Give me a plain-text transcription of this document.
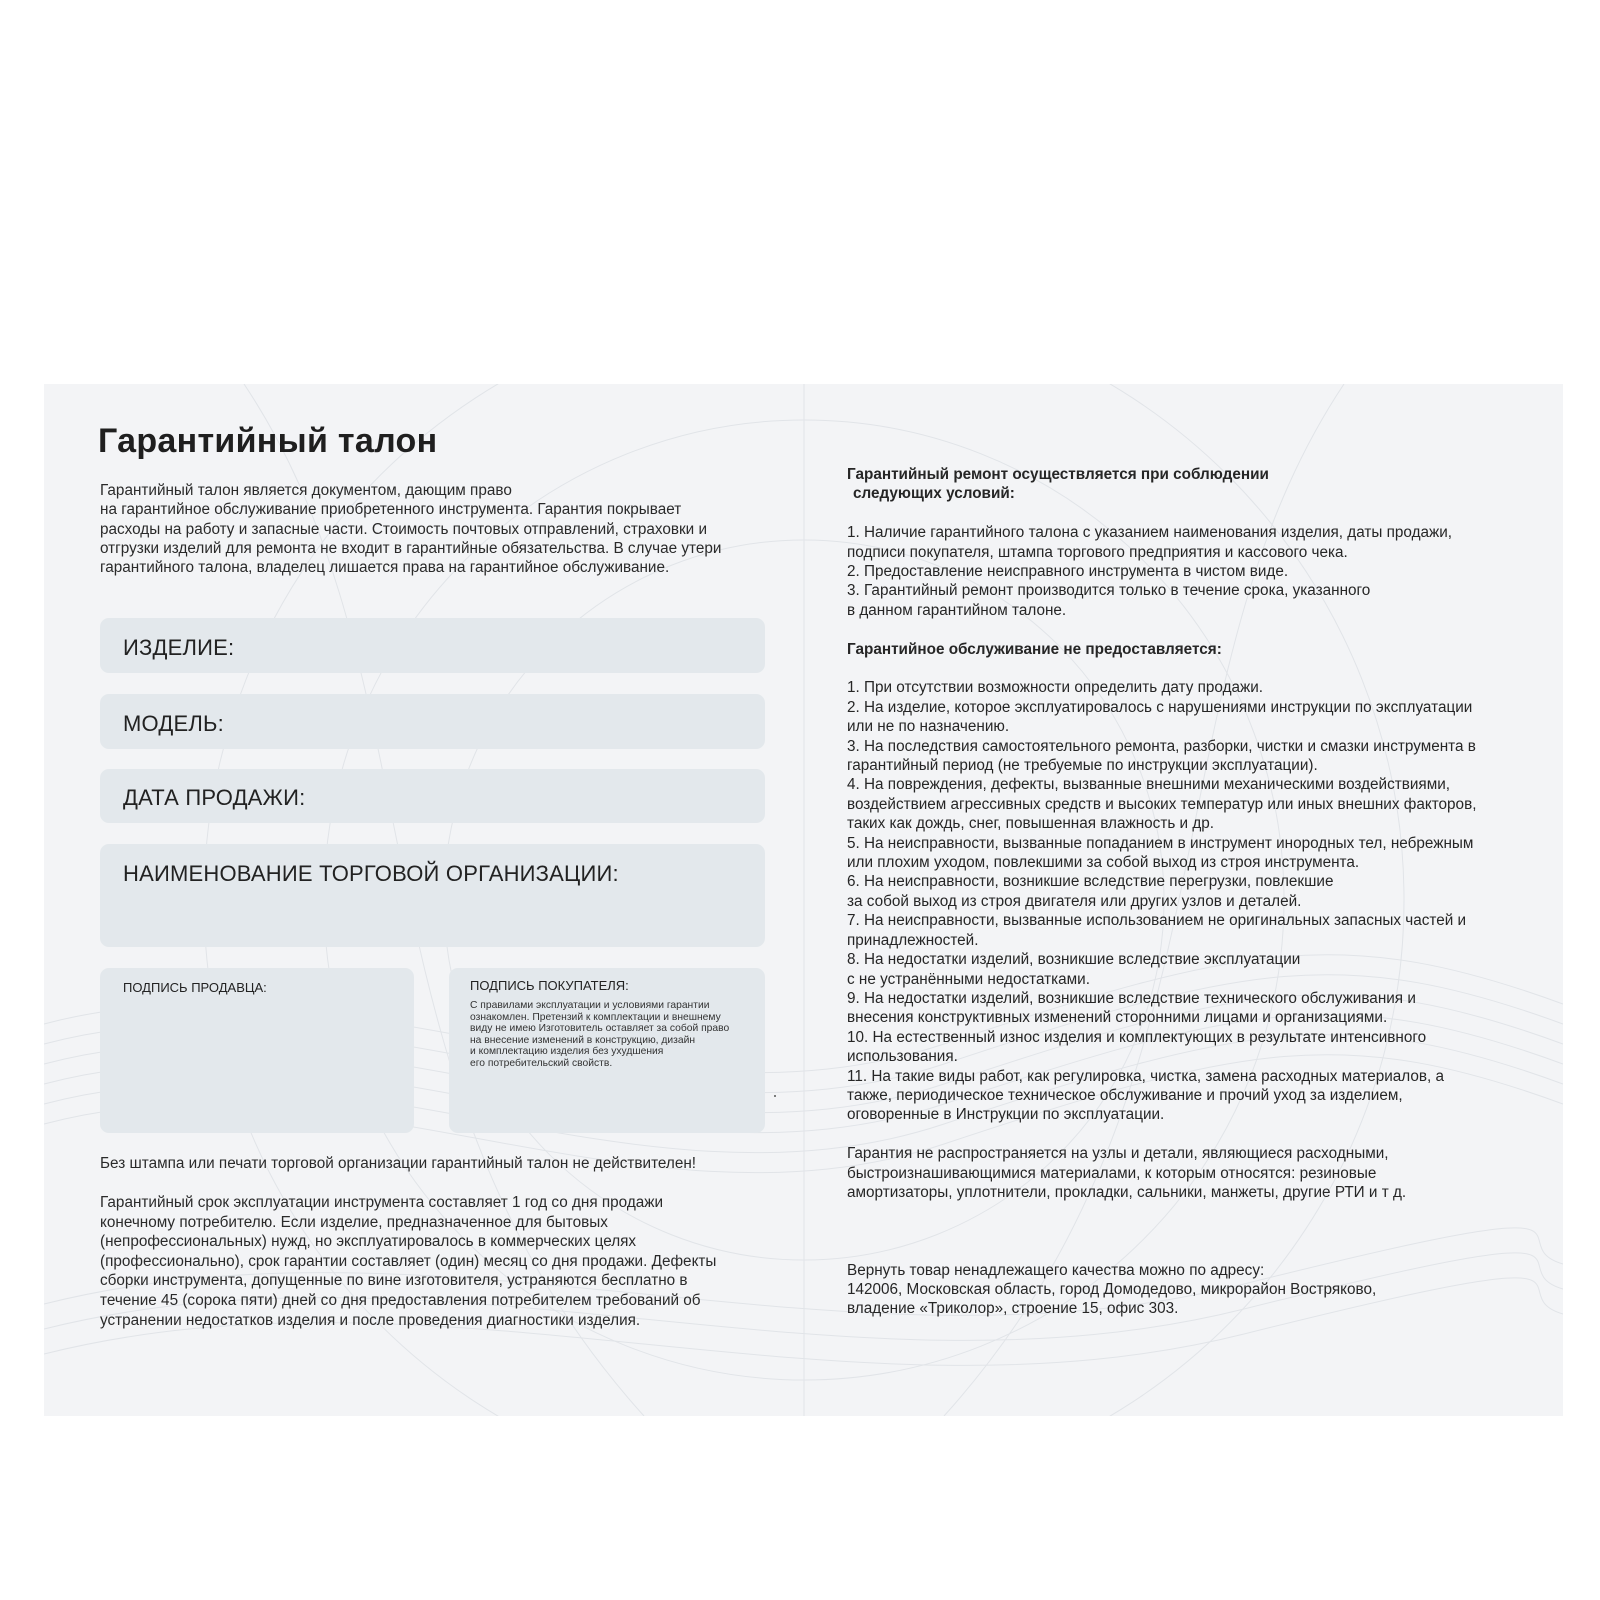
Гарантийный талон
Гарантийный талон является документом, дающим право
на гарантийное обслуживание приобретенного инструмента. Гарантия покрывает
расходы на работу и запасные части. Стоимость почтовых отправлений, страховки и
отгрузки изделий для ремонта не входит в гарантийные обязательства. В случае утери
гарантийного талона, владелец лишается права на гарантийное обслуживание.
ИЗДЕЛИЕ:
МОДЕЛЬ:
ДАТА ПРОДАЖИ:
НАИМЕНОВАНИЕ ТОРГОВОЙ ОРГАНИЗАЦИИ:
ПОДПИСЬ ПРОДАВЦА:	ПОДПИСЬ ПОКУПАТЕЛЯ:
С правилами эксплуатации и условиями гарантии
ознакомлен. Претензий к комплектации и внешнему
виду не имею Изготовитель оставляет за собой право
на внесение изменений в конструкцию, дизайн
и комплектацию изделия без ухудшения
его потребительский свойств.

Без штампа или печати торговой организации гарантийный талон не действителен!

Гарантийный срок эксплуатации инструмента составляет 1 год со дня продажи
конечному потребителю. Если изделие, предназначенное для бытовых
(непрофессиональных) нужд, но эксплуатировалось в коммерческих целях
(профессионально), срок гарантии составляет (один) месяц со дня продажи. Дефекты
сборки инструмента, допущенные по вине изготовителя, устраняются бесплатно в
течение 45 (сорока пяти) дней со дня предоставления потребителем требований об
устранении недостатков изделия и после проведения диагностики изделия.

Гарантийный ремонт осуществляется при соблюдении
следующих условий:
1. Наличие гарантийного талона с указанием наименования изделия, даты продажи,
подписи покупателя, штампа торгового предприятия и кассового чека.
2. Предоставление неисправного инструмента в чистом виде.
3. Гарантийный ремонт производится только в течение срока, указанного
в данном гарантийном талоне.
Гарантийное обслуживание не предоставляется:
1. При отсутствии возможности определить дату продажи.
2. На изделие, которое эксплуатировалось с нарушениями инструкции по эксплуатации
или не по назначению.
3. На последствия самостоятельного ремонта, разборки, чистки и смазки инструмента в
гарантийный период (не требуемые по инструкции эксплуатации).
4. На повреждения, дефекты, вызванные внешними механическими воздействиями,
воздействием агрессивных средств и высоких температур или иных внешних факторов,
таких как дождь, снег, повышенная влажность и др.
5. На неисправности, вызванные попаданием в инструмент инородных тел, небрежным
или плохим уходом, повлекшими за собой выход из строя инструмента.
6. На неисправности, возникшие вследствие перегрузки, повлекшие
за собой выход из строя двигателя или других узлов и деталей.
7. На неисправности, вызванные использованием не оригинальных запасных частей и
принадлежностей.
8. На недостатки изделий, возникшие вследствие эксплуатации
с не устранёнными недостатками.
9. На недостатки изделий, возникшие вследствие технического обслуживания и
внесения конструктивных изменений сторонними лицами и организациями.
10. На естественный износ изделия и комплектующих в результате интенсивного
использования.
11. На такие виды работ, как регулировка, чистка, замена расходных материалов, а
также, периодическое техническое обслуживание и прочий уход за изделием,
оговоренные в Инструкции по эксплуатации.
Гарантия не распространяется на узлы и детали, являющиеся расходными,
быстроизнашивающимися материалами, к которым относятся: резиновые
амортизаторы, уплотнители, прокладки, сальники, манжеты, другие РТИ и т д.
Вернуть товар ненадлежащего качества можно по адресу:
142006, Московская область, город Домодедово, микрорайон Востряково,
владение «Триколор», строение 15, офис 303.
